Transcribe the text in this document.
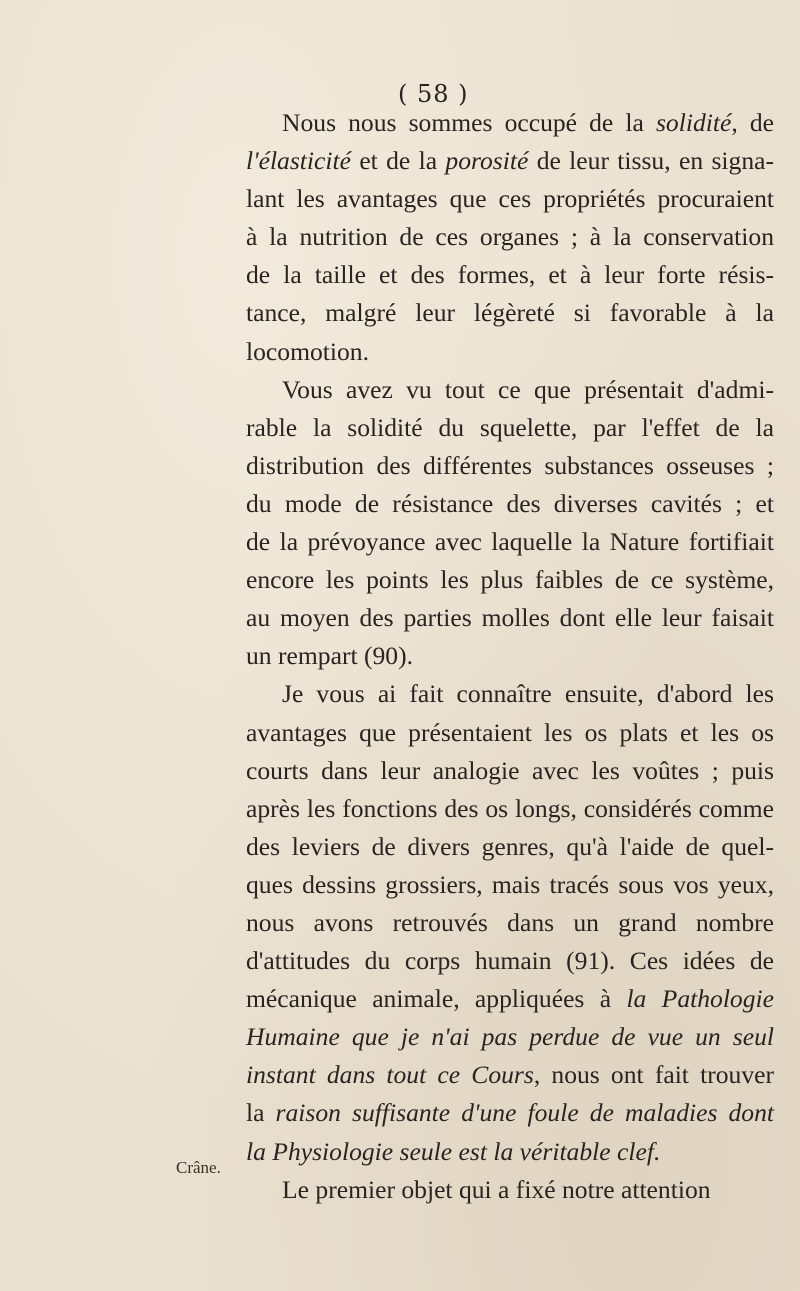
( 58 )
Nous nous sommes occupé de la solidité, de
l'élasticité et de la porosité de leur tissu, en signa-
lant les avantages que ces propriétés procuraient
à la nutrition de ces organes ; à la conservation
de la taille et des formes, et à leur forte résis-
tance, malgré leur légèreté si favorable à la
locomotion.
Vous avez vu tout ce que présentait d'admi-
rable la solidité du squelette, par l'effet de la
distribution des différentes substances osseuses ;
du mode de résistance des diverses cavités ; et
de la prévoyance avec laquelle la Nature fortifiait
encore les points les plus faibles de ce système,
au moyen des parties molles dont elle leur faisait
un rempart (90).
Je vous ai fait connaître ensuite, d'abord les
avantages que présentaient les os plats et les os
courts dans leur analogie avec les voûtes ; puis
après les fonctions des os longs, considérés comme
des leviers de divers genres, qu'à l'aide de quel-
ques dessins grossiers, mais tracés sous vos yeux,
nous avons retrouvés dans un grand nombre
d'attitudes du corps humain (91). Ces idées de
mécanique animale, appliquées à la Pathologie
Humaine que je n'ai pas perdue de vue un seul
instant dans tout ce Cours, nous ont fait trouver
la raison suffisante d'une foule de maladies dont
la Physiologie seule est la véritable clef.
Le premier objet qui a fixé notre attention
Crâne.
